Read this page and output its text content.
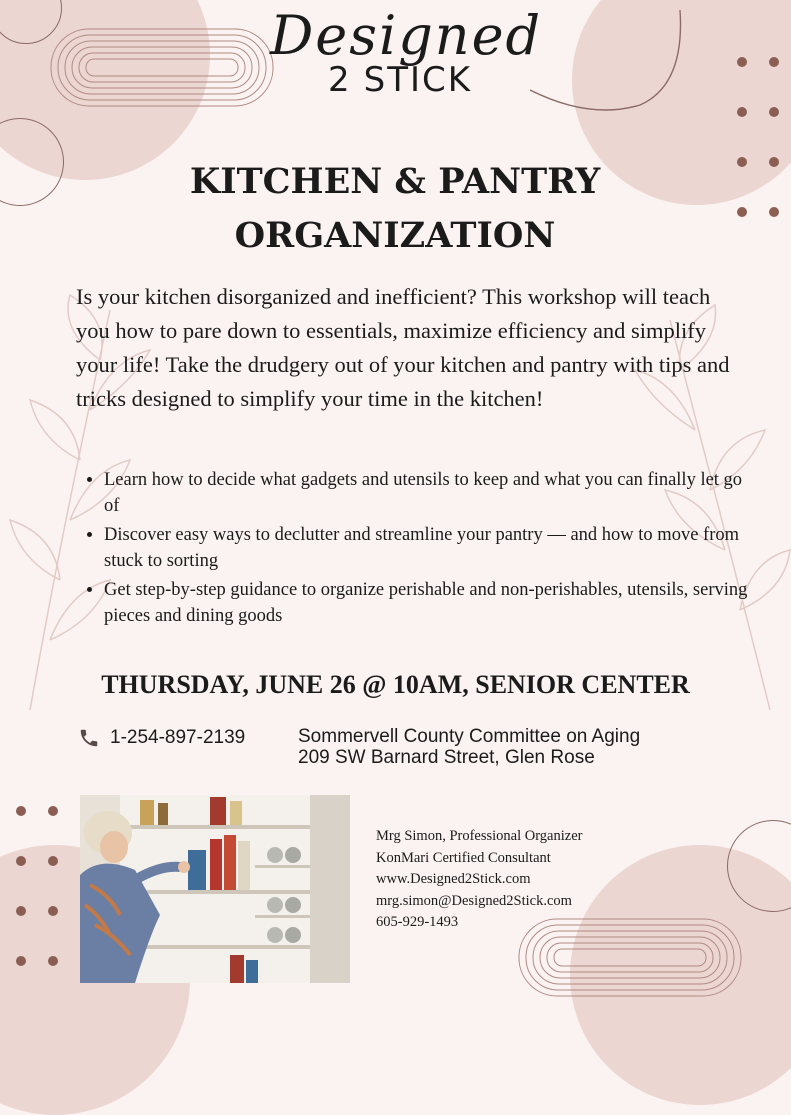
Designed
2 STICK
KITCHEN & PANTRY
ORGANIZATION

Is your kitchen disorganized and inefficient? This workshop will teach you how to pare down to essentials, maximize efficiency and simplify your life! Take the drudgery out of your kitchen and pantry with tips and tricks designed to simplify your time in the kitchen!

• Learn how to decide what gadgets and utensils to keep and what you can finally let go of
• Discover easy ways to declutter and streamline your pantry — and how to move from stuck to sorting
• Get step-by-step guidance to organize perishable and non-perishables, utensils, serving pieces and dining goods
THURSDAY, JUNE 26 @ 10AM, SENIOR CENTER
1-254-897-2139	Sommervell County Committee on Aging
209 SW Barnard Street, Glen Rose
Mrg Simon, Professional Organizer
KonMari Certified Consultant
www.Designed2Stick.com
mrg.simon@Designed2Stick.com
605-929-1493
